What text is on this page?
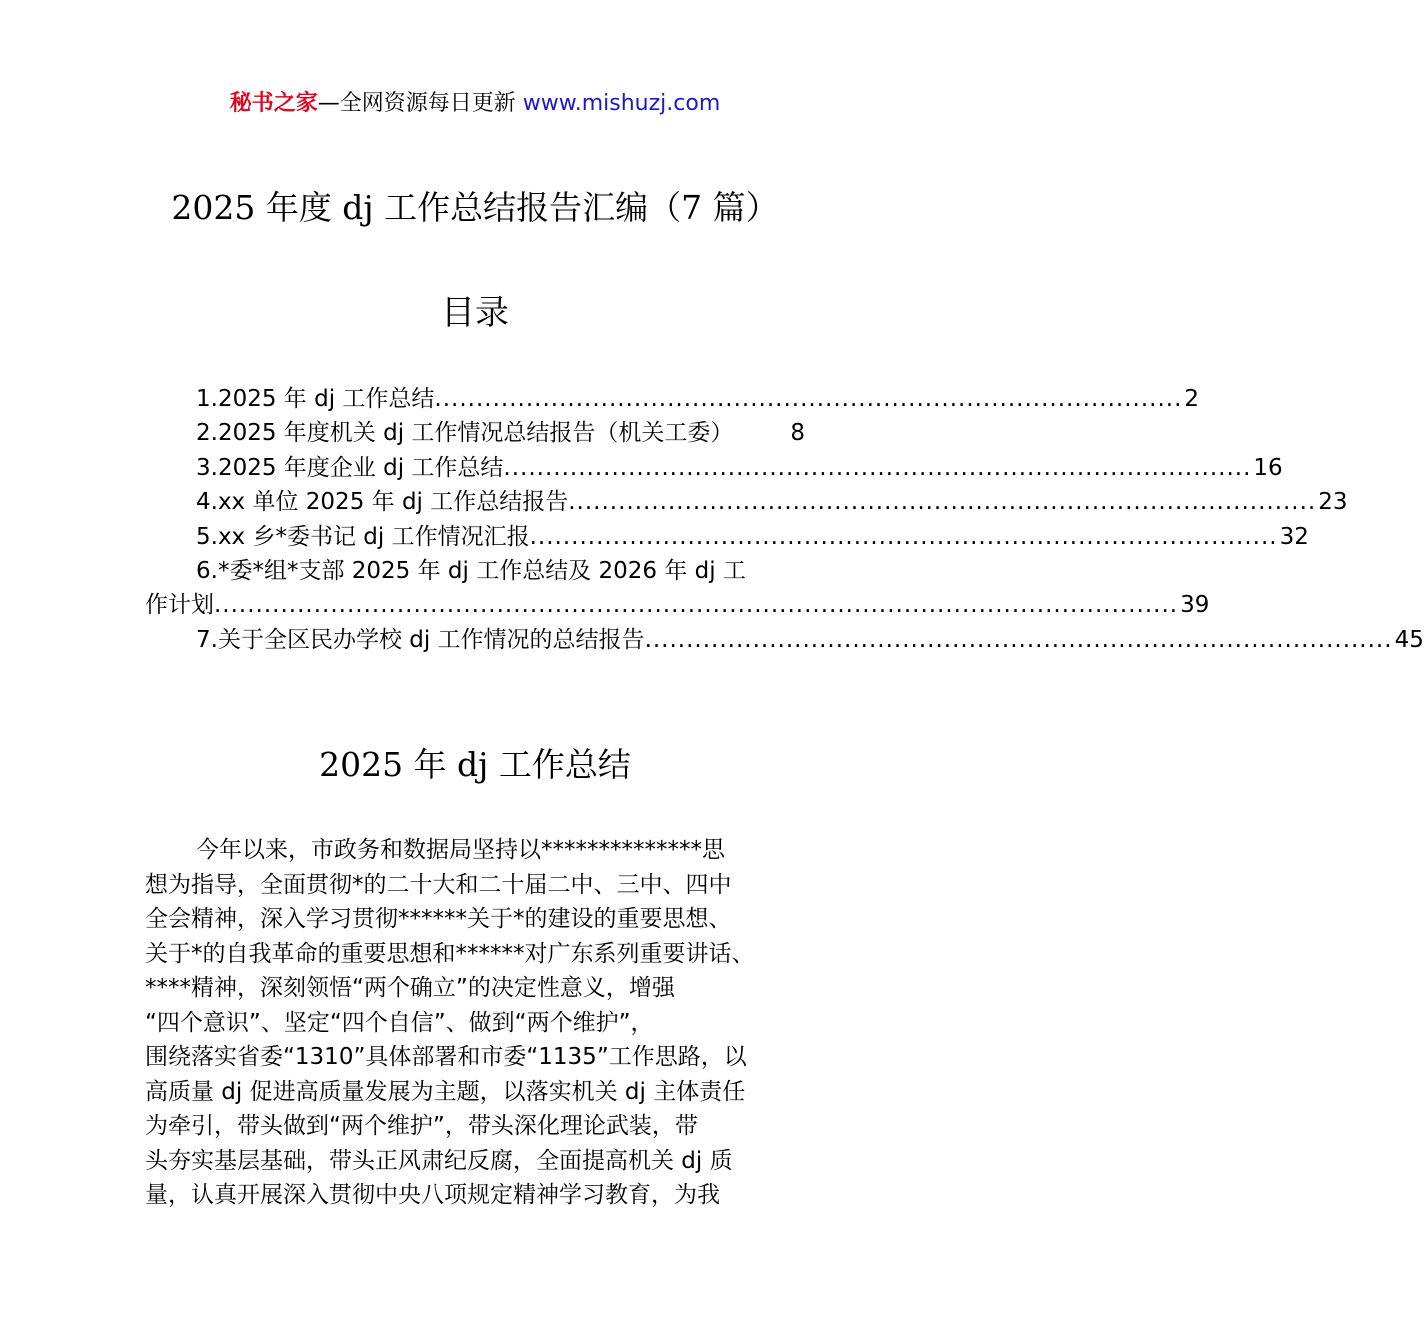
秘书之家—全网资源每日更新 www.mishuzj.com
2025 年度 dj 工作总结报告汇编（7 篇）
目录
1.2025 年 dj 工作总结 .......................................................................................... 2
2.2025 年度机关 dj 工作情况总结报告（机关工委） 8
3.2025 年度企业 dj 工作总结 .......................................................................................... 16
4.xx 单位 2025 年 dj 工作总结报告 .......................................................................................... 23
5.xx 乡*委书记 dj 工作情况汇报 .......................................................................................... 32
6.*委*组*支部 2025 年 dj 工作总结及 2026 年 dj 工
作计划 .................................................................................................................... 39
7.关于全区民办学校 dj 工作情况的总结报告 .......................................................................................... 45
2025 年 dj 工作总结
今年以来，市政务和数据局坚持以**************思
想为指导，全面贯彻*的二十大和二十届二中、三中、四中
全会精神，深入学习贯彻******关于*的建设的重要思想、
关于*的自我革命的重要思想和******对广东系列重要讲话、
****精神，深刻领悟“两个确立”的决定性意义，增强
“四个意识”、坚定“四个自信”、做到“两个维护”，
围绕落实省委“1310”具体部署和市委“1135”工作思路，以
高质量 dj 促进高质量发展为主题，以落实机关 dj 主体责任
为牵引，带头做到“两个维护”，带头深化理论武装，带
头夯实基层基础，带头正风肃纪反腐，全面提高机关 dj 质
量，认真开展深入贯彻中央八项规定精神学习教育，为我
